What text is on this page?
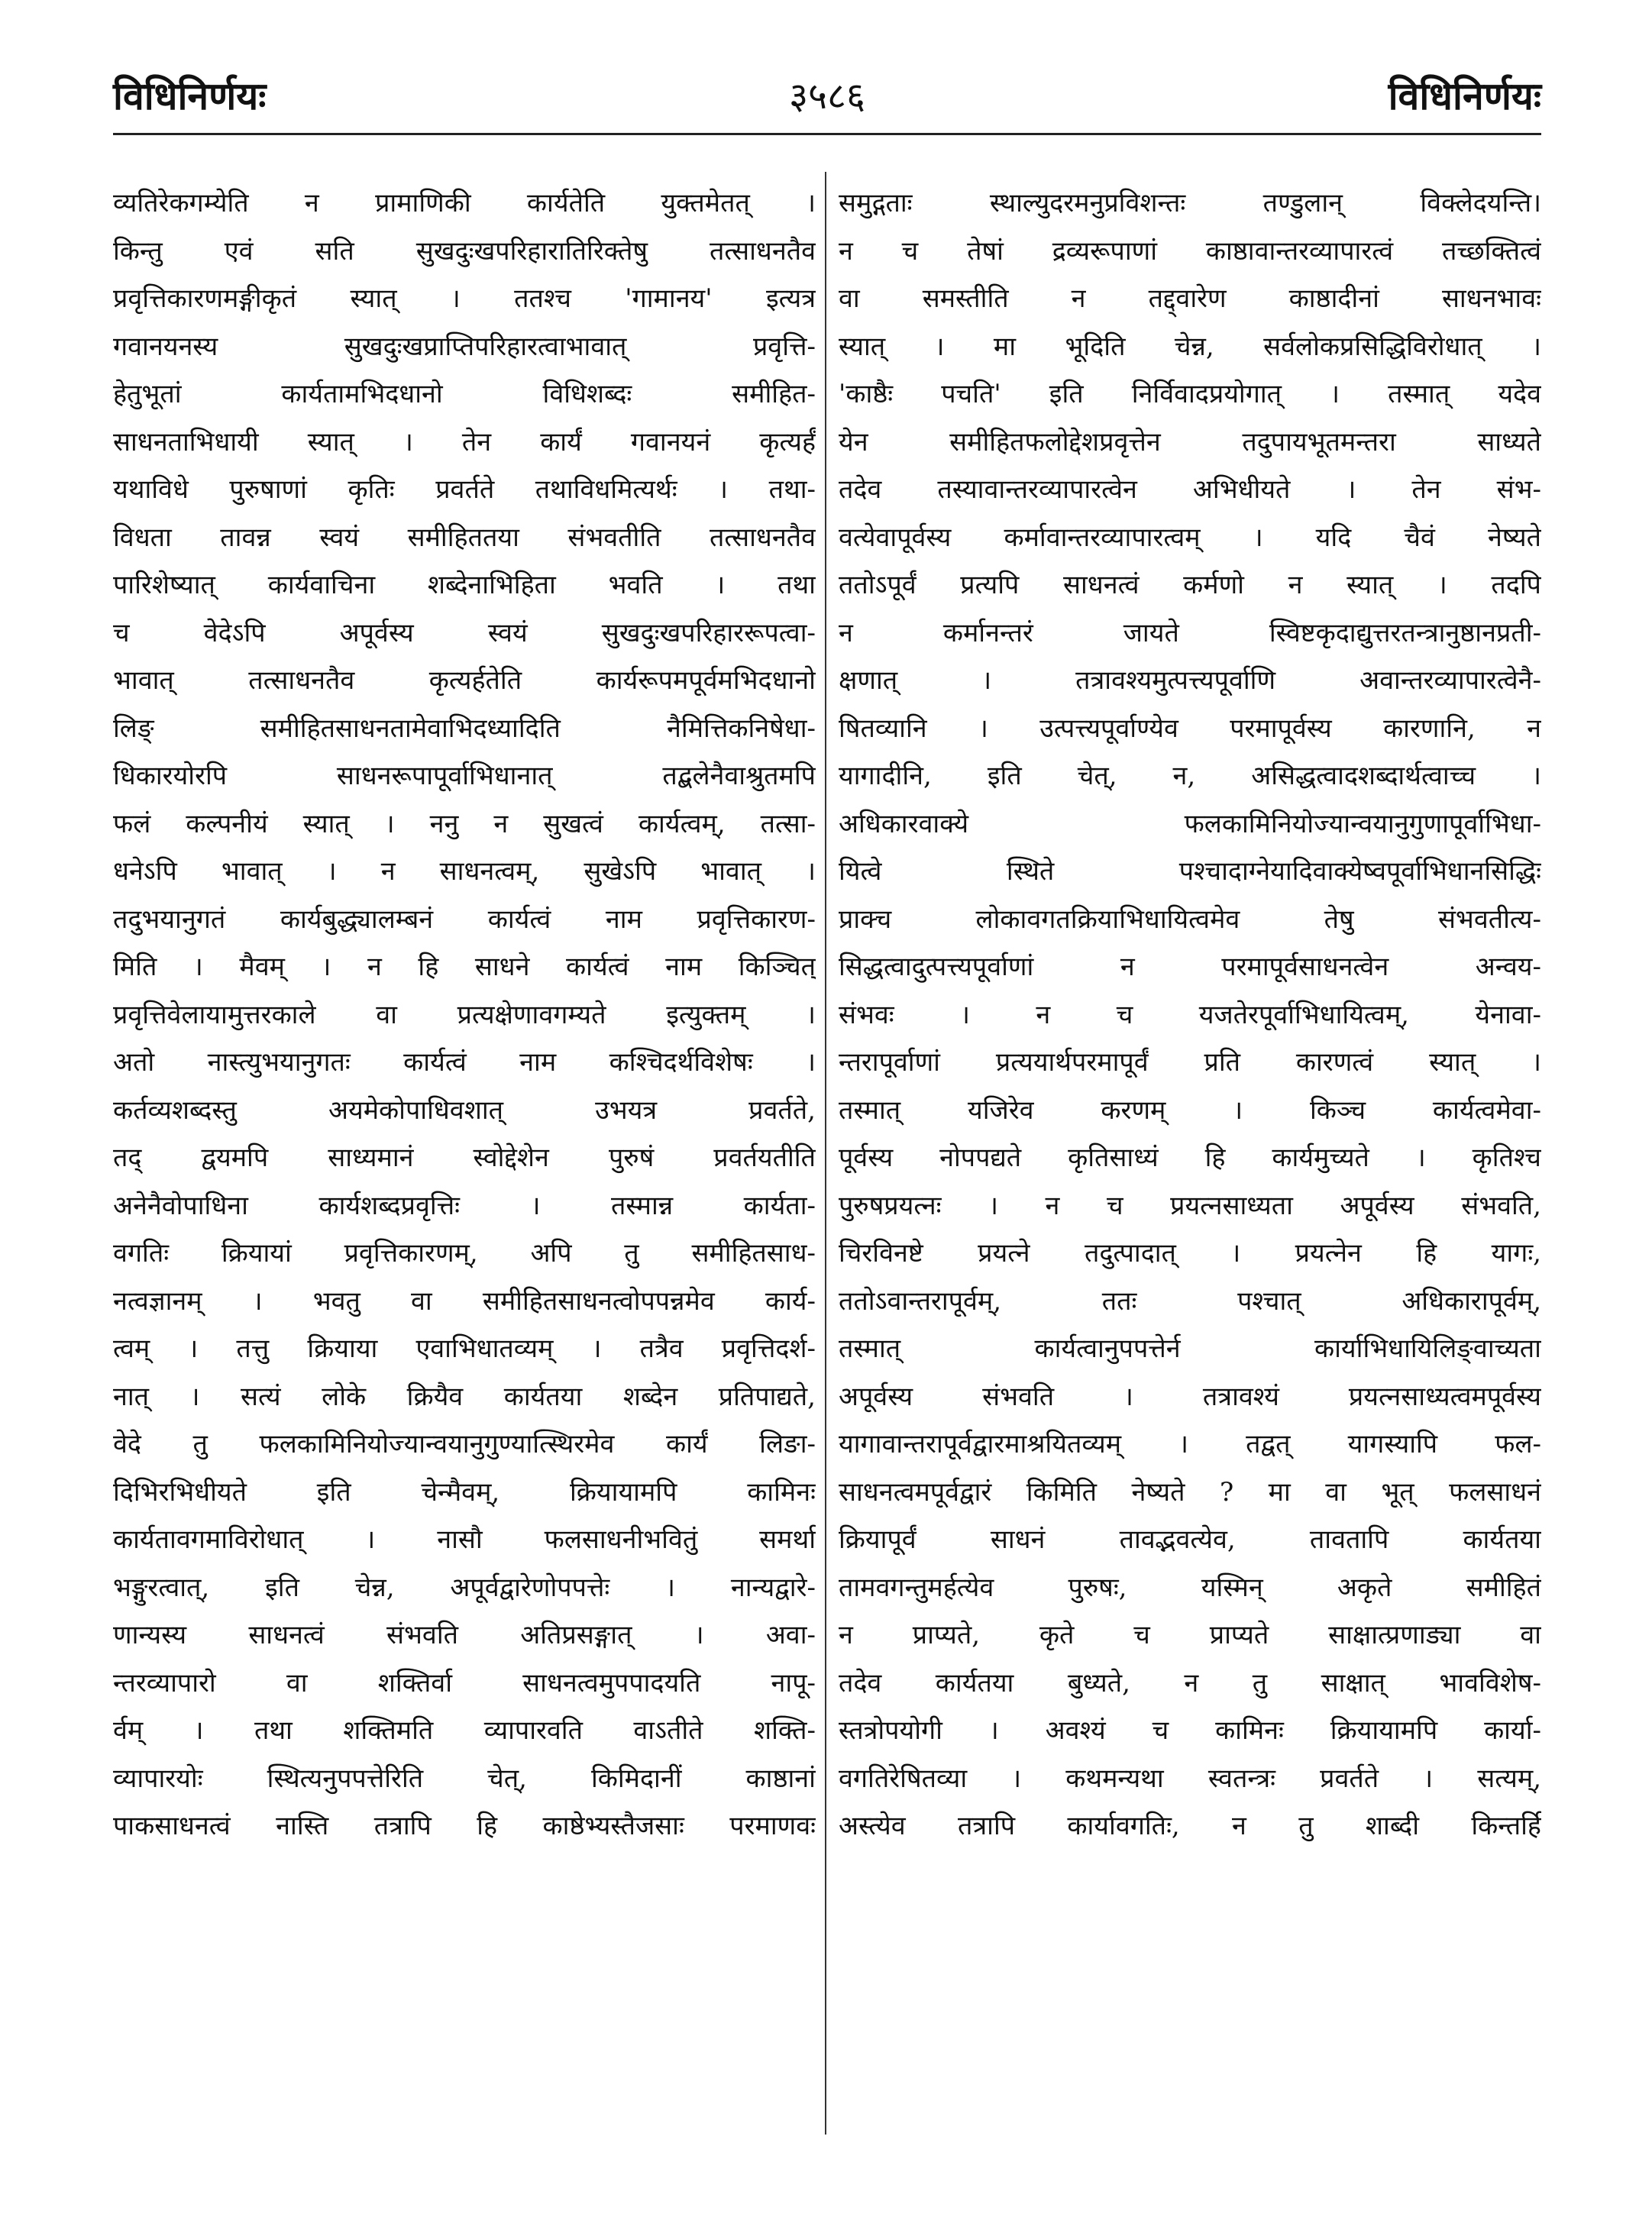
विधिनिर्णयः	३५८६	विधिनिर्णयः
व्यतिरेकगम्येति न प्रामाणिकी कार्यतेति युक्तमेतत् ।
किन्तु एवं सति सुखदुःखपरिहारातिरिक्तेषु तत्साधनतैव
प्रवृत्तिकारणमङ्गीकृतं स्यात् । ततश्च 'गामानय' इत्यत्र
गवानयनस्य सुखदुःखप्राप्तिपरिहारत्वाभावात् प्रवृत्ति-
हेतुभूतां कार्यतामभिदधानो विधिशब्दः समीहित-
साधनताभिधायी स्यात् । तेन कार्यं गवानयनं कृत्यर्हं
यथाविधे पुरुषाणां कृतिः प्रवर्तते तथाविधमित्यर्थः । तथा-
विधता तावन्न स्वयं समीहिततया संभवतीति तत्साधनतैव
पारिशेष्यात् कार्यवाचिना शब्देनाभिहिता भवति । तथा
च वेदेऽपि अपूर्वस्य स्वयं सुखदुःखपरिहाररूपत्वा-
भावात् तत्साधनतैव कृत्यर्हतेति कार्यरूपमपूर्वमभिदधानो
लिङ् समीहितसाधनतामेवाभिदध्यादिति नैमित्तिकनिषेधा-
धिकारयोरपि साधनरूपापूर्वाभिधानात् तद्बलेनैवाश्रुतमपि
फलं कल्पनीयं स्यात् । ननु न सुखत्वं कार्यत्वम्, तत्सा-
धनेऽपि भावात् । न साधनत्वम्, सुखेऽपि भावात् ।
तदुभयानुगतं कार्यबुद्ध्यालम्बनं कार्यत्वं नाम प्रवृत्तिकारण-
मिति । मैवम् । न हि साधने कार्यत्वं नाम किञ्चित्
प्रवृत्तिवेलायामुत्तरकाले वा प्रत्यक्षेणावगम्यते इत्युक्तम् ।
अतो नास्त्युभयानुगतः कार्यत्वं नाम कश्चिदर्थविशेषः ।
कर्तव्यशब्दस्तु अयमेकोपाधिवशात् उभयत्र प्रवर्तते,
तद् द्वयमपि साध्यमानं स्वोद्देशेन पुरुषं प्रवर्तयतीति
अनेनैवोपाधिना कार्यशब्दप्रवृत्तिः । तस्मान्न कार्यता-
वगतिः क्रियायां प्रवृत्तिकारणम्, अपि तु समीहितसाध-
नत्वज्ञानम् । भवतु वा समीहितसाधनत्वोपपन्नमेव कार्य-
त्वम् । तत्तु क्रियाया एवाभिधातव्यम् । तत्रैव प्रवृत्तिदर्श-
नात् । सत्यं लोके क्रियैव कार्यतया शब्देन प्रतिपाद्यते,
वेदे तु फलकामिनियोज्यान्वयानुगुण्यात्स्थिरमेव कार्यं लिङा-
दिभिरभिधीयते इति चेन्मैवम्, क्रियायामपि कामिनः
कार्यतावगमाविरोधात् । नासौ फलसाधनीभवितुं समर्था
भङ्गुरत्वात्, इति चेन्न, अपूर्वद्वारेणोपपत्तेः । नान्यद्वारे-
णान्यस्य साधनत्वं संभवति अतिप्रसङ्गात् । अवा-
न्तरव्यापारो वा शक्तिर्वा साधनत्वमुपपादयति नापू-
र्वम् । तथा शक्तिमति व्यापारवति वाऽतीते शक्ति-
व्यापारयोः स्थित्यनुपपत्तेरिति चेत्, किमिदानीं काष्ठानां
पाकसाधनत्वं नास्ति तत्रापि हि काष्ठेभ्यस्तैजसाः परमाणवः
समुद्गताः स्थाल्युदरमनुप्रविशन्तः तण्डुलान् विक्लेदयन्ति।
न च तेषां द्रव्यरूपाणां काष्ठावान्तरव्यापारत्वं तच्छक्तित्वं
वा समस्तीति न तद्द्वारेण काष्ठादीनां साधनभावः
स्यात् । मा भूदिति चेन्न, सर्वलोकप्रसिद्धिविरोधात् ।
'काष्ठैः पचति' इति निर्विवादप्रयोगात् । तस्मात् यदेव
येन समीहितफलोद्देशप्रवृत्तेन तदुपायभूतमन्तरा साध्यते
तदेव तस्यावान्तरव्यापारत्वेन अभिधीयते । तेन संभ-
वत्येवापूर्वस्य कर्मावान्तरव्यापारत्वम् । यदि चैवं नेष्यते
ततोऽपूर्वं प्रत्यपि साधनत्वं कर्मणो न स्यात् । तदपि
न कर्मानन्तरं जायते स्विष्टकृदाद्युत्तरतन्त्रानुष्ठानप्रती-
क्षणात् । तत्रावश्यमुत्पत्त्यपूर्वाणि अवान्तरव्यापारत्वेनै-
षितव्यानि । उत्पत्त्यपूर्वाण्येव परमापूर्वस्य कारणानि, न
यागादीनि, इति चेत्, न, असिद्धत्वादशब्दार्थत्वाच्च ।
अधिकारवाक्ये फलकामिनियोज्यान्वयानुगुणापूर्वाभिधा-
यित्वे स्थिते पश्चादाग्नेयादिवाक्येष्वपूर्वाभिधानसिद्धिः
प्राक्च लोकावगतक्रियाभिधायित्वमेव तेषु संभवतीत्य-
सिद्धत्वादुत्पत्त्यपूर्वाणां न परमापूर्वसाधनत्वेन अन्वय-
संभवः । न च यजतेरपूर्वाभिधायित्वम्, येनावा-
न्तरापूर्वाणां प्रत्ययार्थपरमापूर्वं प्रति कारणत्वं स्यात् ।
तस्मात् यजिरेव करणम् । किञ्च कार्यत्वमेवा-
पूर्वस्य नोपपद्यते कृतिसाध्यं हि कार्यमुच्यते । कृतिश्च
पुरुषप्रयत्नः । न च प्रयत्नसाध्यता अपूर्वस्य संभवति,
चिरविनष्टे प्रयत्ने तदुत्पादात् । प्रयत्नेन हि यागः,
ततोऽवान्तरापूर्वम्, ततः पश्चात् अधिकारापूर्वम्,
तस्मात् कार्यत्वानुपपत्तेर्न कार्याभिधायिलिङ्वाच्यता
अपूर्वस्य संभवति । तत्रावश्यं प्रयत्नसाध्यत्वमपूर्वस्य
यागावान्तरापूर्वद्वारमाश्रयितव्यम् । तद्वत् यागस्यापि फल-
साधनत्वमपूर्वद्वारं किमिति नेष्यते ? मा वा भूत् फलसाधनं
क्रियापूर्वं साधनं तावद्भवत्येव, तावतापि कार्यतया
तामवगन्तुमर्हत्येव पुरुषः, यस्मिन् अकृते समीहितं
न प्राप्यते, कृते च प्राप्यते साक्षात्प्रणाड्या वा
तदेव कार्यतया बुध्यते, न तु साक्षात् भावविशेष-
स्तत्रोपयोगी । अवश्यं च कामिनः क्रियायामपि कार्या-
वगतिरेषितव्या । कथमन्यथा स्वतन्त्रः प्रवर्तते । सत्यम्,
अस्त्येव तत्रापि कार्यावगतिः, न तु शाब्दी किन्तर्हि
